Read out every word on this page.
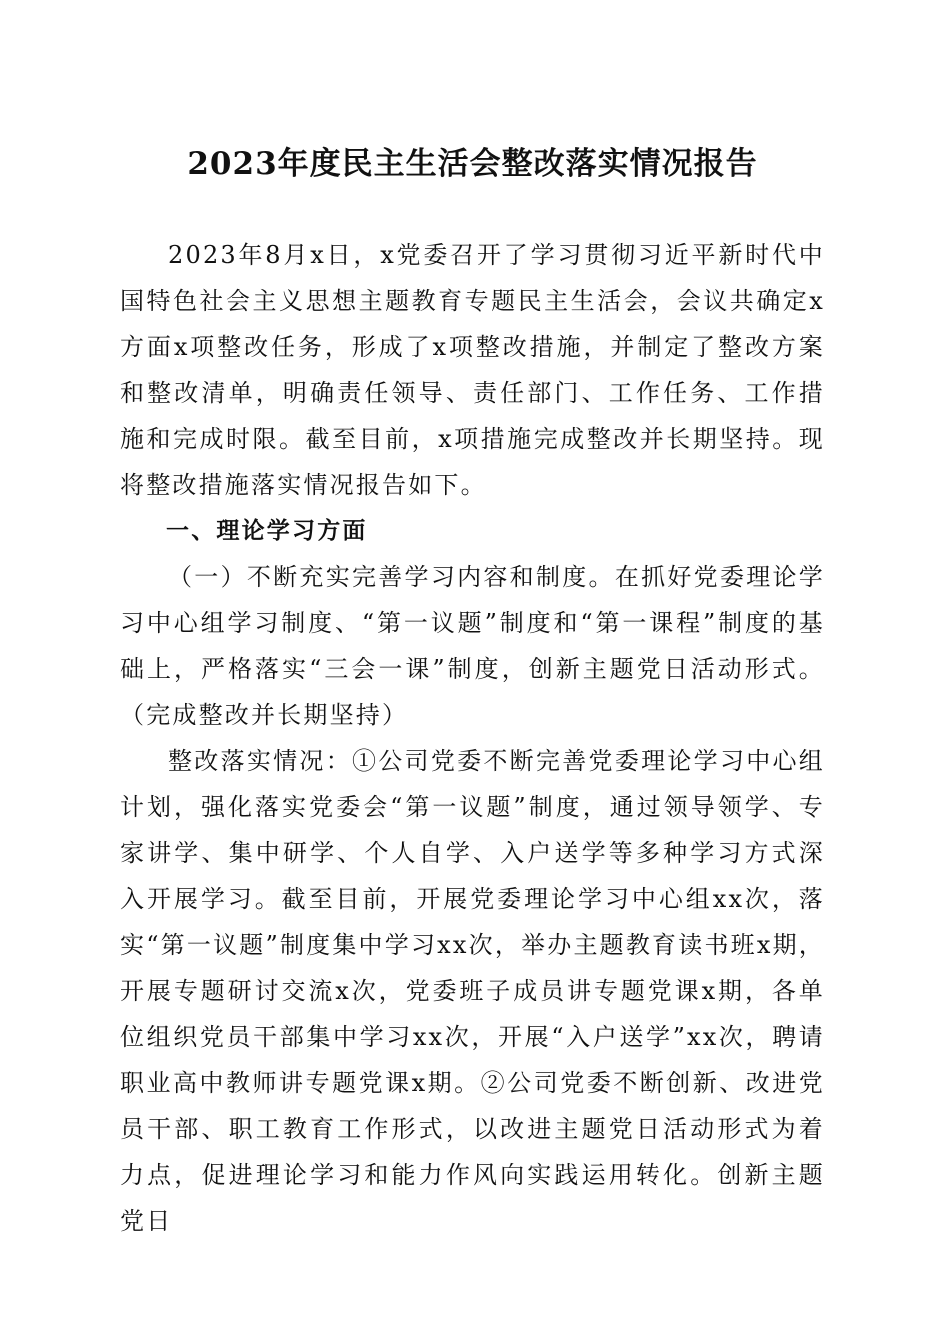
2023年度民主生活会整改落实情况报告

2023年8月x日，x党委召开了学习贯彻习近平新时代中国特色社会主义思想主题教育专题民主生活会，会议共确定x方面x项整改任务，形成了x项整改措施，并制定了整改方案和整改清单，明确责任领导、责任部门、工作任务、工作措施和完成时限。截至目前，x项措施完成整改并长期坚持。现将整改措施落实情况报告如下。

一、理论学习方面

（一）不断充实完善学习内容和制度。在抓好党委理论学习中心组学习制度、“第一议题”制度和“第一课程”制度的基础上，严格落实“三会一课”制度，创新主题党日活动形式。（完成整改并长期坚持）

整改落实情况：①公司党委不断完善党委理论学习中心组计划，强化落实党委会“第一议题”制度，通过领导领学、专家讲学、集中研学、个人自学、入户送学等多种学习方式深入开展学习。截至目前，开展党委理论学习中心组xx次，落实“第一议题”制度集中学习xx次，举办主题教育读书班x期，开展专题研讨交流x次，党委班子成员讲专题党课x期，各单位组织党员干部集中学习xx次，开展“入户送学”xx次，聘请职业高中教师讲专题党课x期。②公司党委不断创新、改进党员干部、职工教育工作形式，以改进主题党日活动形式为着力点，促进理论学习和能力作风向实践运用转化。创新主题党日
